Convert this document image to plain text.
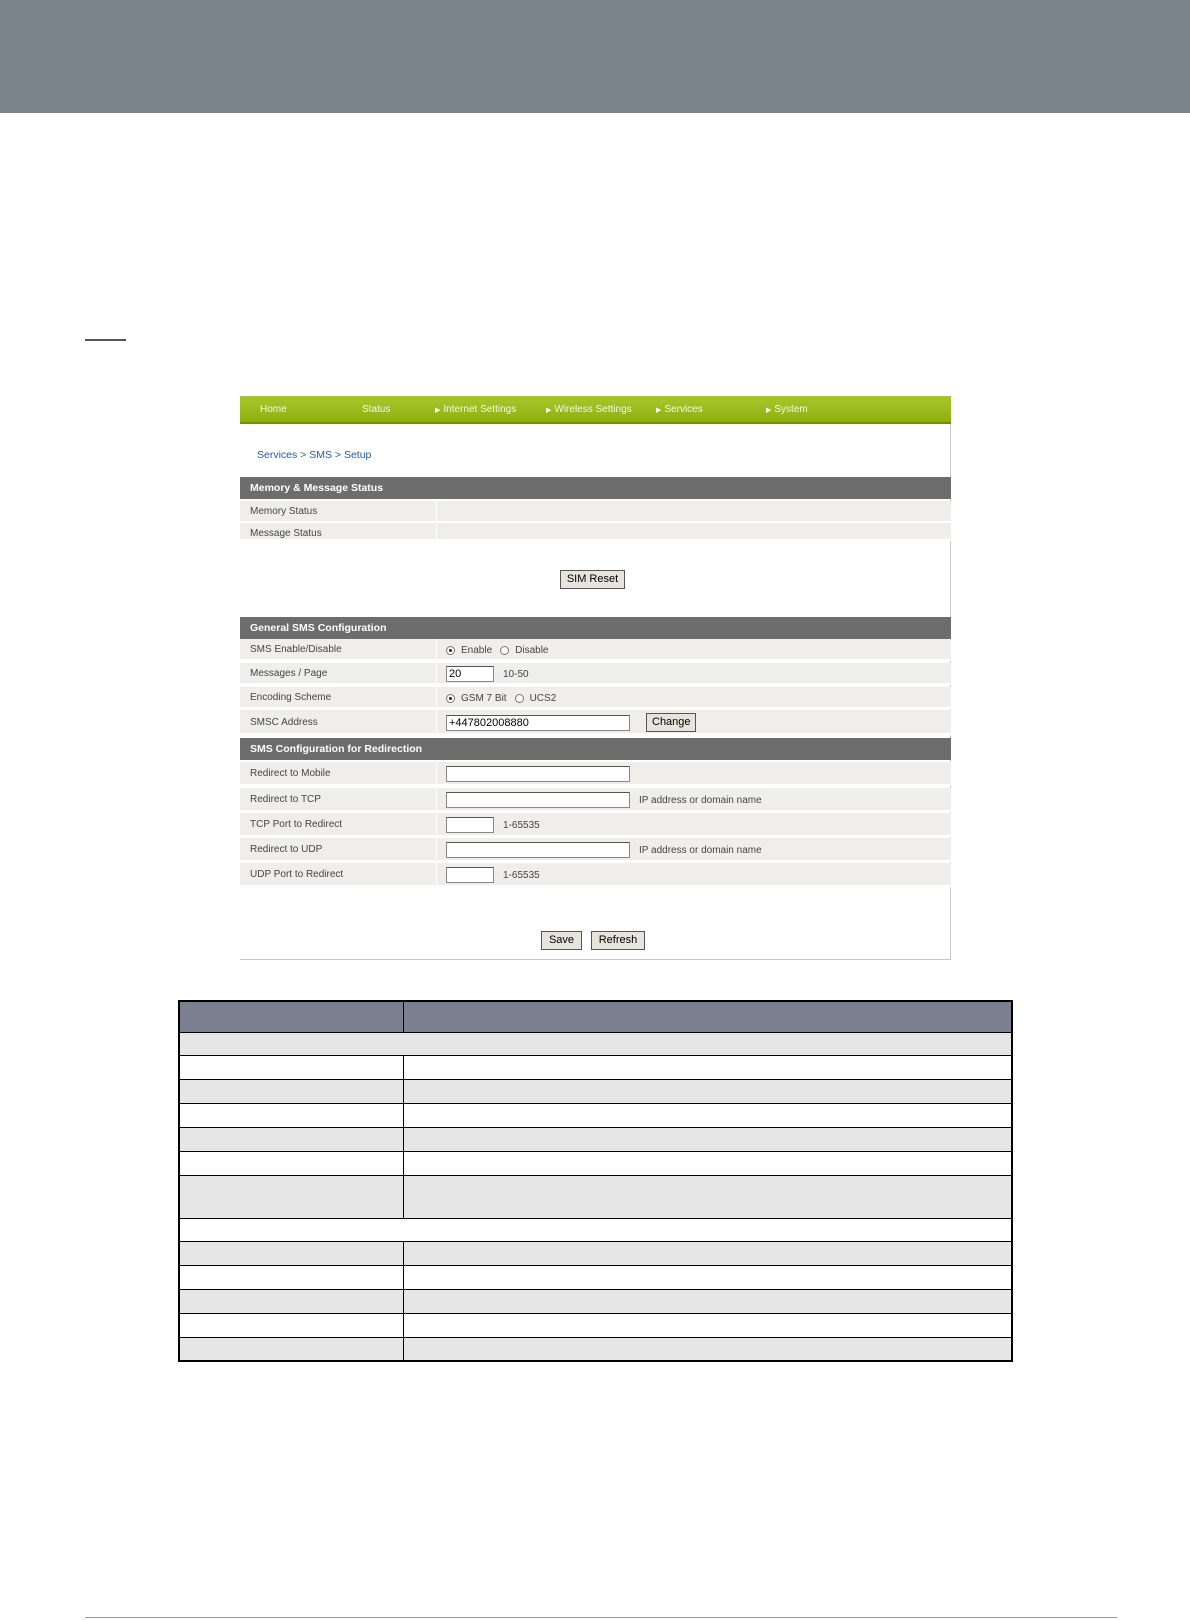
Home	Status	▶ Internet Settings	▶ Wireless Settings	▶ Services	▶ System
Services > SMS > Setup
Memory & Message Status
Memory Status
Message Status
SIM Reset
General SMS Configuration
SMS Enable/Disable	Enable Disable
Messages / Page	20	10-50
Encoding Scheme	GSM 7 Bit UCS2
SMSC Address	+447802008880	Change
SMS Configuration for Redirection
Redirect to Mobile
Redirect to TCP	IP address or domain name
TCP Port to Redirect	1-65535
Redirect to UDP	IP address or domain name
UDP Port to Redirect	1-65535
Save	Refresh
